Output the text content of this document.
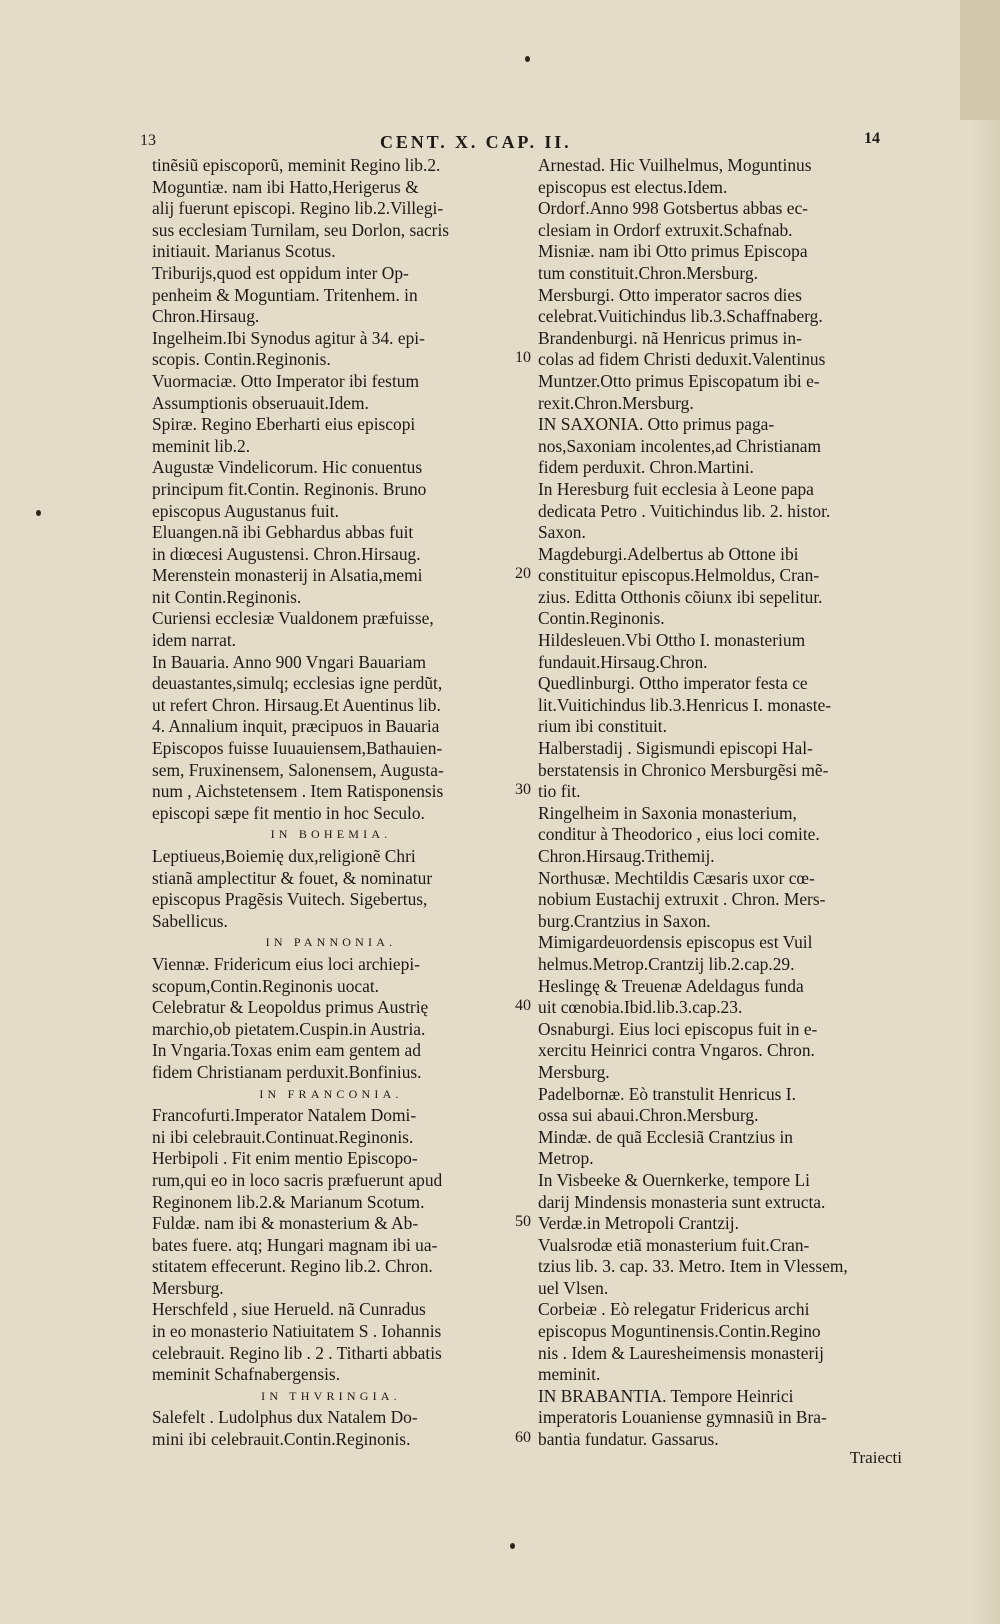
13	CENT. X. CAP. II.	14
tinẽsiũ episcoporũ, meminit Regino lib.2.
Moguntiæ. nam ibi Hatto,Herigerus &
alij fuerunt episcopi. Regino lib.2.Villegi-
sus ecclesiam Turnilam, seu Dorlon, sacris
initiauit. Marianus Scotus.
Triburijs,quod est oppidum inter Op-
penheim & Moguntiam. Tritenhem. in
Chron.Hirsaug.
Ingelheim.Ibi Synodus agitur à 34. epi-
scopis. Contin.Reginonis.
Vuormaciæ. Otto Imperator ibi festum
Assumptionis obseruauit.Idem.
Spiræ. Regino Eberharti eius episcopi
meminit lib.2.
Augustæ Vindelicorum. Hic conuentus
principum fit.Contin. Reginonis. Bruno
episcopus Augustanus fuit.
Eluangen.nã ibi Gebhardus abbas fuit
in diœcesi Augustensi. Chron.Hirsaug.
Merenstein monasterij in Alsatia,memi
nit Contin.Reginonis.
Curiensi ecclesiæ Vualdonem præfuisse,
idem narrat.
In Bauaria. Anno 900 Vngari Bauariam
deuastantes,simulq; ecclesias igne perdũt,
ut refert Chron. Hirsaug.Et Auentinus lib.
4. Annalium inquit, præcipuos in Bauaria
Episcopos fuisse Iuuauiensem,Bathauien-
sem, Fruxinensem, Salonensem, Augusta-
num , Aichstetensem . Item Ratisponensis
episcopi sæpe fit mentio in hoc Seculo.
IN BOHEMIA.
Leptiueus,Boiemię dux,religionẽ Chri
stianã amplectitur & fouet, & nominatur
episcopus Pragẽsis Vuitech. Sigebertus,
Sabellicus.
IN PANNONIA.
Viennæ. Fridericum eius loci archiepi-
scopum,Contin.Reginonis uocat.
Celebratur & Leopoldus primus Austrię
marchio,ob pietatem.Cuspin.in Austria.
In Vngaria.Toxas enim eam gentem ad
fidem Christianam perduxit.Bonfinius.
IN FRANCONIA.
Francofurti.Imperator Natalem Domi-
ni ibi celebrauit.Continuat.Reginonis.
Herbipoli . Fit enim mentio Episcopo-
rum,qui eo in loco sacris præfuerunt apud
Reginonem lib.2.& Marianum Scotum.
Fuldæ. nam ibi & monasterium & Ab-
bates fuere. atq; Hungari magnam ibi ua-
stitatem effecerunt. Regino lib.2. Chron.
Mersburg.
Herschfeld , siue Herueld. nã Cunradus
in eo monasterio Natiuitatem S . Iohannis
celebrauit. Regino lib . 2 . Titharti abbatis
meminit Schafnabergensis.
IN THVRINGIA.
Salefelt . Ludolphus dux Natalem Do-
mini ibi celebrauit.Contin.Reginonis.
10
20
30
40
50
60
Arnestad. Hic Vuilhelmus, Moguntinus
episcopus est electus.Idem.
Ordorf.Anno 998 Gotsbertus abbas ec-
clesiam in Ordorf extruxit.Schafnab.
Misniæ. nam ibi Otto primus Episcopa
tum constituit.Chron.Mersburg.
Mersburgi. Otto imperator sacros dies
celebrat.Vuitichindus lib.3.Schaffnaberg.
Brandenburgi. nã Henricus primus in-
colas ad fidem Christi deduxit.Valentinus
Muntzer.Otto primus Episcopatum ibi e-
rexit.Chron.Mersburg.
IN SAXONIA. Otto primus paga-
nos,Saxoniam incolentes,ad Christianam
fidem perduxit. Chron.Martini.
In Heresburg fuit ecclesia à Leone papa
dedicata Petro . Vuitichindus lib. 2. histor.
Saxon.
Magdeburgi.Adelbertus ab Ottone ibi
constituitur episcopus.Helmoldus, Cran-
zius. Editta Otthonis cõiunx ibi sepelitur.
Contin.Reginonis.
Hildesleuen.Vbi Ottho I. monasterium
fundauit.Hirsaug.Chron.
Quedlinburgi. Ottho imperator festa ce
lit.Vuitichindus lib.3.Henricus I. monaste-
rium ibi constituit.
Halberstadij . Sigismundi episcopi Hal-
berstatensis in Chronico Mersburgẽsi mẽ-
tio fit.
Ringelheim in Saxonia monasterium,
conditur à Theodorico , eius loci comite.
Chron.Hirsaug.Trithemij.
Northusæ. Mechtildis Cæsaris uxor cœ-
nobium Eustachij extruxit . Chron. Mers-
burg.Crantzius in Saxon.
Mimigardeuordensis episcopus est Vuil
helmus.Metrop.Crantzij lib.2.cap.29.
Heslingę & Treuenæ Adeldagus funda
uit cœnobia.Ibid.lib.3.cap.23.
Osnaburgi. Eius loci episcopus fuit in e-
xercitu Heinrici contra Vngaros. Chron.
Mersburg.
Padelbornæ. Eò transtulit Henricus I.
ossa sui abaui.Chron.Mersburg.
Mindæ. de quã Ecclesiã Crantzius in
Metrop.
In Visbeeke & Ouernkerke, tempore Li
darij Mindensis monasteria sunt extructa.
Verdæ.in Metropoli Crantzij.
Vualsrodæ etiã monasterium fuit.Cran-
tzius lib. 3. cap. 33. Metro. Item in Vlessem,
uel Vlsen.
Corbeiæ . Eò relegatur Fridericus archi
episcopus Moguntinensis.Contin.Regino
nis . Idem & Lauresheimensis monasterij
meminit.
IN BRABANTIA. Tempore Heinrici
imperatoris Louaniense gymnasiũ in Bra-
bantia fundatur. Gassarus.
Traiecti
